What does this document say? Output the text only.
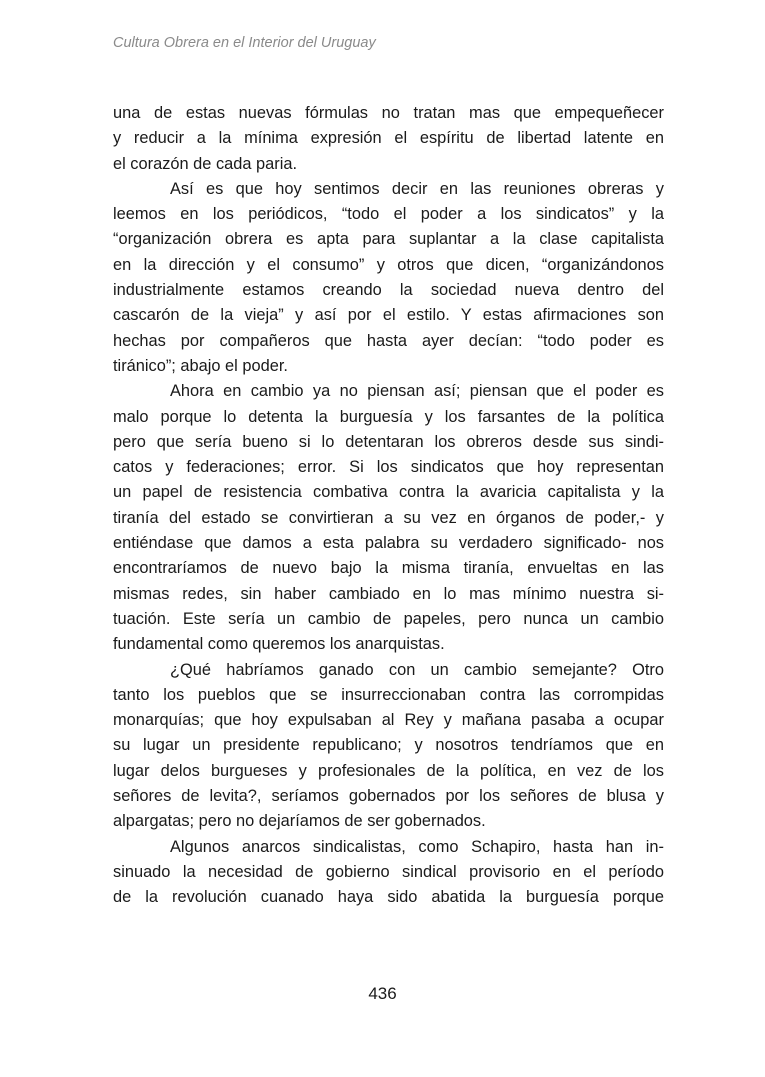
Cultura Obrera en el Interior del Uruguay
una de estas nuevas fórmulas no tratan mas que empequeñecer
y reducir a la mínima expresión el espíritu de libertad latente en
el corazón de cada paria.
Así es que hoy sentimos decir en las reuniones obreras y
leemos en los periódicos, “todo el poder a los sindicatos” y la
“organización obrera es apta para suplantar a la clase capitalista
en la dirección y el consumo” y otros que dicen, “organizándonos
industrialmente estamos creando la sociedad nueva dentro del
cascarón de la vieja” y así por el estilo. Y estas afirmaciones son
hechas por compañeros que hasta ayer decían: “todo poder es
tiránico”; abajo el poder.
Ahora en cambio ya no piensan así; piensan que el poder es
malo porque lo detenta la burguesía y los farsantes de la política
pero que sería bueno si lo detentaran los obreros desde sus sindi-
catos y federaciones; error. Si los sindicatos que hoy representan
un papel de resistencia combativa contra la avaricia capitalista y la
tiranía del estado se convirtieran a su vez en órganos de poder,- y
entiéndase que damos a esta palabra su verdadero significado- nos
encontraríamos de nuevo bajo la misma tiranía, envueltas en las
mismas redes, sin haber cambiado en lo mas mínimo nuestra si-
tuación. Este sería un cambio de papeles, pero nunca un cambio
fundamental como queremos los anarquistas.
¿Qué habríamos ganado con un cambio semejante? Otro
tanto los pueblos que se insurreccionaban contra las corrompidas
monarquías; que hoy expulsaban al Rey y mañana pasaba a ocupar
su lugar un presidente republicano; y nosotros tendríamos que en
lugar delos burgueses y profesionales de la política, en vez de los
señores de levita?, seríamos gobernados por los señores de blusa y
alpargatas; pero no dejaríamos de ser gobernados.
Algunos anarcos sindicalistas, como Schapiro, hasta han in-
sinuado la necesidad de gobierno sindical provisorio en el período
de la revolución cuanado haya sido abatida la burguesía porque
436
